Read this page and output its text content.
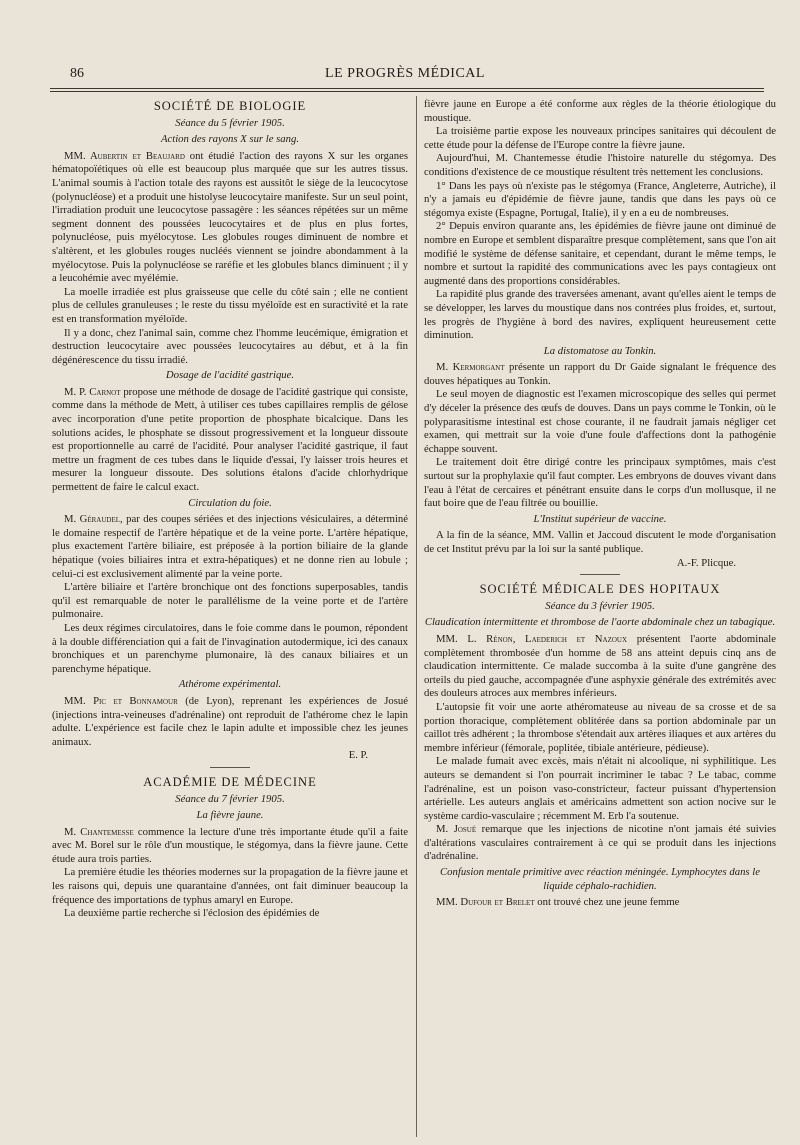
86	LE PROGRÈS MÉDICAL
SOCIÉTÉ DE BIOLOGIE
Séance du 5 février 1905.
Action des rayons X sur le sang.

MM. Aubertin et Beaujard ont étudié l'action des rayons X sur les organes hématopoïétiques où elle est beaucoup plus marquée que sur les autres tissus. L'animal soumis à l'action totale des rayons est aussitôt le siège de la leucocytose (polynucléose) et a produit une histolyse leucocytaire manifeste. Sur un seul point, l'irradiation produit une leucocytose passagère : les séances répétées sur un même segment donnent des poussées leucocytaires et de plus en plus fortes, polynucléose, puis myélocytose. Les globules rouges diminuent de nombre et s'altèrent, et les globules rouges nucléés viennent se joindre abondamment à la myélocytose. Puis la polynucléose se raréfie et les globules blancs diminuent ; il y a leucohémie avec myélémie.

La moelle irradiée est plus graisseuse que celle du côté sain ; elle ne contient plus de cellules granuleuses ; le reste du tissu myéloïde est en suractivité et la rate est en transformation myéloïde.

Il y a donc, chez l'animal sain, comme chez l'homme leucémique, émigration et destruction leucocytaire avec poussées leucocytaires au début, et à la fin dégénérescence du tissu irradié.

Dosage de l'acidité gastrique.

M. P. Carnot propose une méthode de dosage de l'acidité gastrique qui consiste, comme dans la méthode de Mett, à utiliser ces tubes capillaires remplis de gélose avec incorporation d'une petite proportion de phosphate bicalcique. Dans les solutions acides, le phosphate se dissout progressivement et la longueur dissoute est proportionnelle au carré de l'acidité. Pour analyser l'acidité gastrique, il faut mettre un fragment de ces tubes dans le liquide d'essai, l'y laisser trois heures et mesurer la longueur dissoute. Des solutions étalons d'acide chlorhydrique permettent de faire le calcul exact.

Circulation du foie.

M. Géraudel, par des coupes sériées et des injections vésiculaires, a déterminé le domaine respectif de l'artère hépatique et de la veine porte. L'artère hépatique, plus exactement l'artère biliaire, est préposée à la portion biliaire de la glande hépatique (voies biliaires intra et extra-hépatiques) et ne donne rien au lobule ; celui-ci est exclusivement alimenté par la veine porte.

L'artère biliaire et l'artère bronchique ont des fonctions superposables, tandis qu'il est remarquable de noter le parallélisme de la veine porte et de l'artère pulmonaire.

Les deux régimes circulatoires, dans le foie comme dans le poumon, répondent à la double différenciation qui a fait de l'invagination autodermique, ici des canaux bronchiques et un parenchyme plumonaire, là des canaux biliaires et un parenchyme hépatique.

Athérome expérimental.

MM. Pic et Bonnamour (de Lyon), reprenant les expériences de Josué (injections intra-veineuses d'adrénaline) ont reproduit de l'athérome chez le lapin adulte. L'expérience est facile chez le lapin adulte et impossible chez les jeunes animaux.

E. P.

ACADÉMIE DE MÉDECINE
Séance du 7 février 1905.
La fièvre jaune.

M. Chantemesse commence la lecture d'une très importante étude qu'il a faite avec M. Borel sur le rôle d'un moustique, le stégomya, dans la fièvre jaune. Cette étude aura trois parties.

La première étudie les théories modernes sur la propagation de la fièvre jaune et les raisons qui, depuis une quarantaine d'années, ont fait diminuer beaucoup la fréquence des importations de typhus amaryl en Europe.

La deuxième partie recherche si l'éclosion des épidémies de

fièvre jaune en Europe a été conforme aux règles de la théorie étiologique du moustique.

La troisième partie expose les nouveaux principes sanitaires qui découlent de cette étude pour la défense de l'Europe contre la fièvre jaune.

Aujourd'hui, M. Chantemesse étudie l'histoire naturelle du stégomya. Des conditions d'existence de ce moustique résultent très nettement les conclusions.

1° Dans les pays où n'existe pas le stégomya (France, Angleterre, Autriche), il n'y a jamais eu d'épidémie de fièvre jaune, tandis que dans les pays où ce stégomya existe (Espagne, Portugal, Italie), il y en a eu de nombreuses.

2° Depuis environ quarante ans, les épidémies de fièvre jaune ont diminué de nombre en Europe et semblent disparaître presque complètement, sans que l'on ait modifié le système de défense sanitaire, et cependant, durant le même temps, le nombre et surtout la rapidité des communications avec les pays contagieux ont augmenté dans des proportions considérables.

La rapidité plus grande des traversées amenant, avant qu'elles aient le temps de se développer, les larves du moustique dans nos contrées plus froides, et, surtout, les progrès de l'hygiène à bord des navires, expliquent heureusement cette diminution.

La distomatose au Tonkin.

M. Kermorgant présente un rapport du Dr Gaide signalant le fréquence des douves hépatiques au Tonkin.

Le seul moyen de diagnostic est l'examen microscopique des selles qui permet d'y déceler la présence des œufs de douves. Dans un pays comme le Tonkin, où le polyparasitisme intestinal est chose courante, il ne faudrait jamais négliger cet examen, qui mettrait sur la voie d'une foule d'affections dont la pathogénie échappe souvent.

Le traitement doit être dirigé contre les principaux symptômes, mais c'est surtout sur la prophylaxie qu'il faut compter. Les embryons de douves vivant dans l'eau à l'état de cercaires et pénétrant ensuite dans le corps d'un mollusque, il ne faut boire que de l'eau filtrée ou bouillie.

L'Institut supérieur de vaccine.

A la fin de la séance, MM. Vallin et Jaccoud discutent le mode d'organisation de cet Institut prévu par la loi sur la santé publique.

A.-F. Plicque.

SOCIÉTÉ MÉDICALE DES HOPITAUX
Séance du 3 février 1905.
Claudication intermittente et thrombose de l'aorte abdominale chez un tabagique.

MM. L. Rénon, Laederich et Nazoux présentent l'aorte abdominale complètement thrombosée d'un homme de 58 ans atteint depuis cinq ans de claudication intermittente. Ce malade succomba à la suite d'une gangrène des orteils du pied gauche, accompagnée d'une asphyxie générale des extrémités avec des douleurs atroces aux membres inférieurs.

L'autopsie fit voir une aorte athéromateuse au niveau de sa crosse et de sa portion thoracique, complètement oblitérée dans sa portion abdominale par un caillot très adhérent ; la thrombose s'étendait aux artères iliaques et aux artères du membre inférieur (fémorale, poplitée, tibiale antérieure, pédieuse).

Le malade fumait avec excès, mais n'était ni alcoolique, ni syphilitique. Les auteurs se demandent si l'on pourrait incriminer le tabac ? Le tabac, comme l'adrénaline, est un poison vaso-constricteur, facteur puissant d'hypertension artérielle. Les auteurs anglais et américains admettent son action nocive sur le système cardio-vasculaire ; récemment M. Erb l'a soutenue.

M. Josué remarque que les injections de nicotine n'ont jamais été suivies d'altérations vasculaires contrairement à ce qui se produit dans les injections d'adrénaline.

Confusion mentale primitive avec réaction méningée. Lymphocytes dans le liquide céphalo-rachidien.

MM. Dufour et Brelet ont trouvé chez une jeune femme
